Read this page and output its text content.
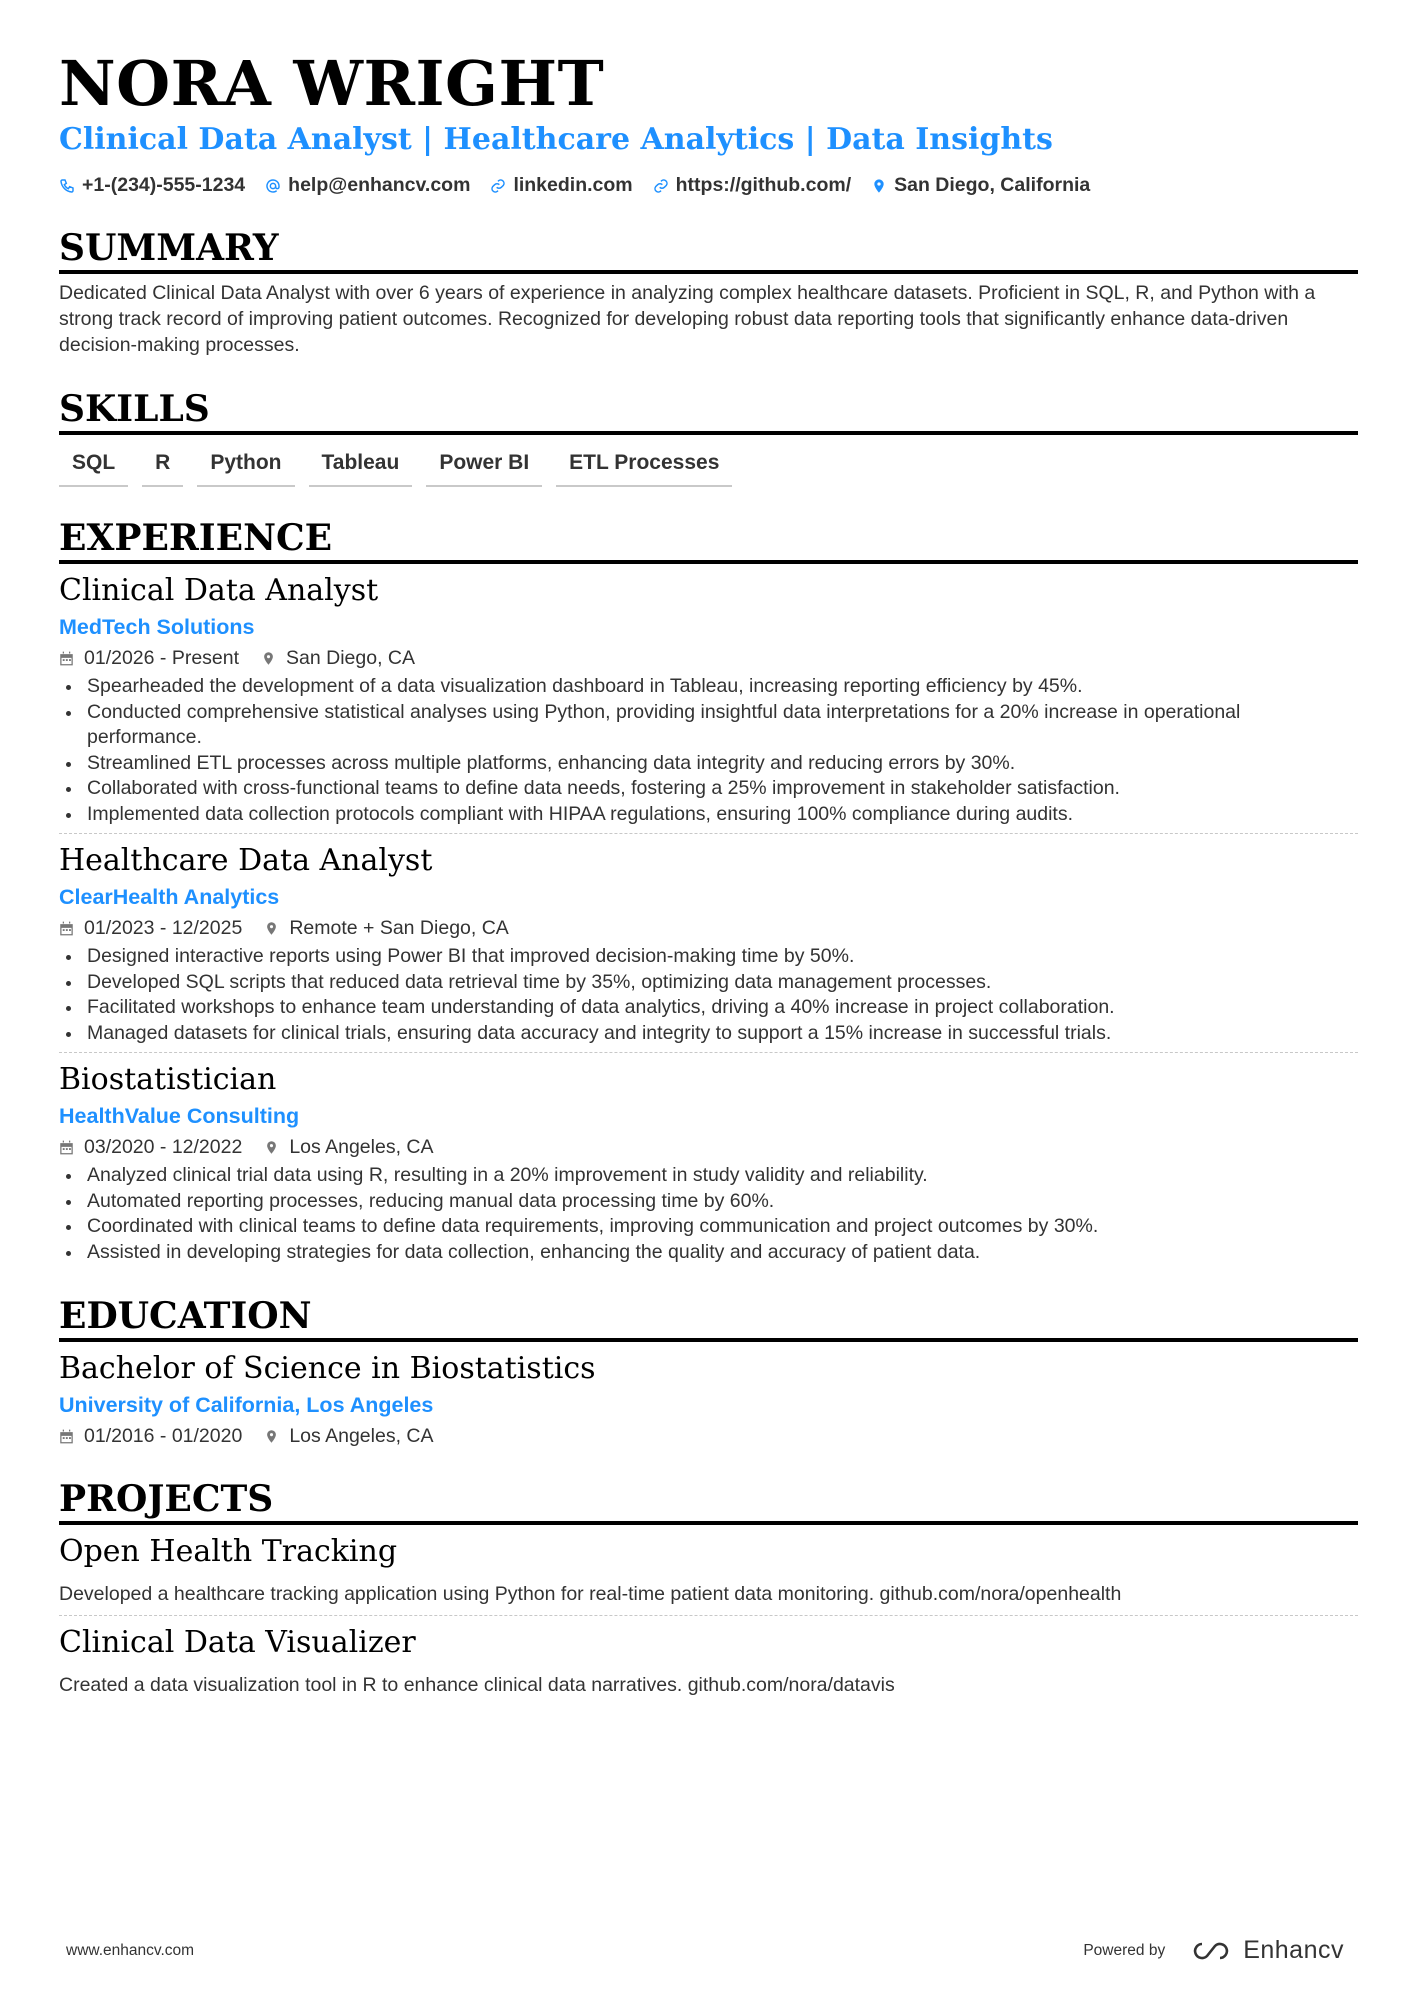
NORA WRIGHT
Clinical Data Analyst | Healthcare Analytics | Data Insights
+1-(234)-555-1234 help@enhancv.com linkedin.com https://github.com/ San Diego, California
SUMMARY
Dedicated Clinical Data Analyst with over 6 years of experience in analyzing complex healthcare datasets. Proficient in SQL, R, and Python with a strong track record of improving patient outcomes. Recognized for developing robust data reporting tools that significantly enhance data-driven decision-making processes.
SKILLS
SQL	R	Python	Tableau	Power BI	ETL Processes
EXPERIENCE
Clinical Data Analyst
MedTech Solutions
01/2026 - Present San Diego, CA
Spearheaded the development of a data visualization dashboard in Tableau, increasing reporting efficiency by 45%.
Conducted comprehensive statistical analyses using Python, providing insightful data interpretations for a 20% increase in operational performance.
Streamlined ETL processes across multiple platforms, enhancing data integrity and reducing errors by 30%.
Collaborated with cross-functional teams to define data needs, fostering a 25% improvement in stakeholder satisfaction.
Implemented data collection protocols compliant with HIPAA regulations, ensuring 100% compliance during audits.
Healthcare Data Analyst
ClearHealth Analytics
01/2023 - 12/2025 Remote + San Diego, CA
Designed interactive reports using Power BI that improved decision-making time by 50%.
Developed SQL scripts that reduced data retrieval time by 35%, optimizing data management processes.
Facilitated workshops to enhance team understanding of data analytics, driving a 40% increase in project collaboration.
Managed datasets for clinical trials, ensuring data accuracy and integrity to support a 15% increase in successful trials.
Biostatistician
HealthValue Consulting
03/2020 - 12/2022 Los Angeles, CA
Analyzed clinical trial data using R, resulting in a 20% improvement in study validity and reliability.
Automated reporting processes, reducing manual data processing time by 60%.
Coordinated with clinical teams to define data requirements, improving communication and project outcomes by 30%.
Assisted in developing strategies for data collection, enhancing the quality and accuracy of patient data.
EDUCATION
Bachelor of Science in Biostatistics
University of California, Los Angeles
01/2016 - 01/2020 Los Angeles, CA
PROJECTS
Open Health Tracking
Developed a healthcare tracking application using Python for real-time patient data monitoring. github.com/nora/openhealth
Clinical Data Visualizer
Created a data visualization tool in R to enhance clinical data narratives. github.com/nora/datavis
www.enhancv.com	Powered by	Enhancv
